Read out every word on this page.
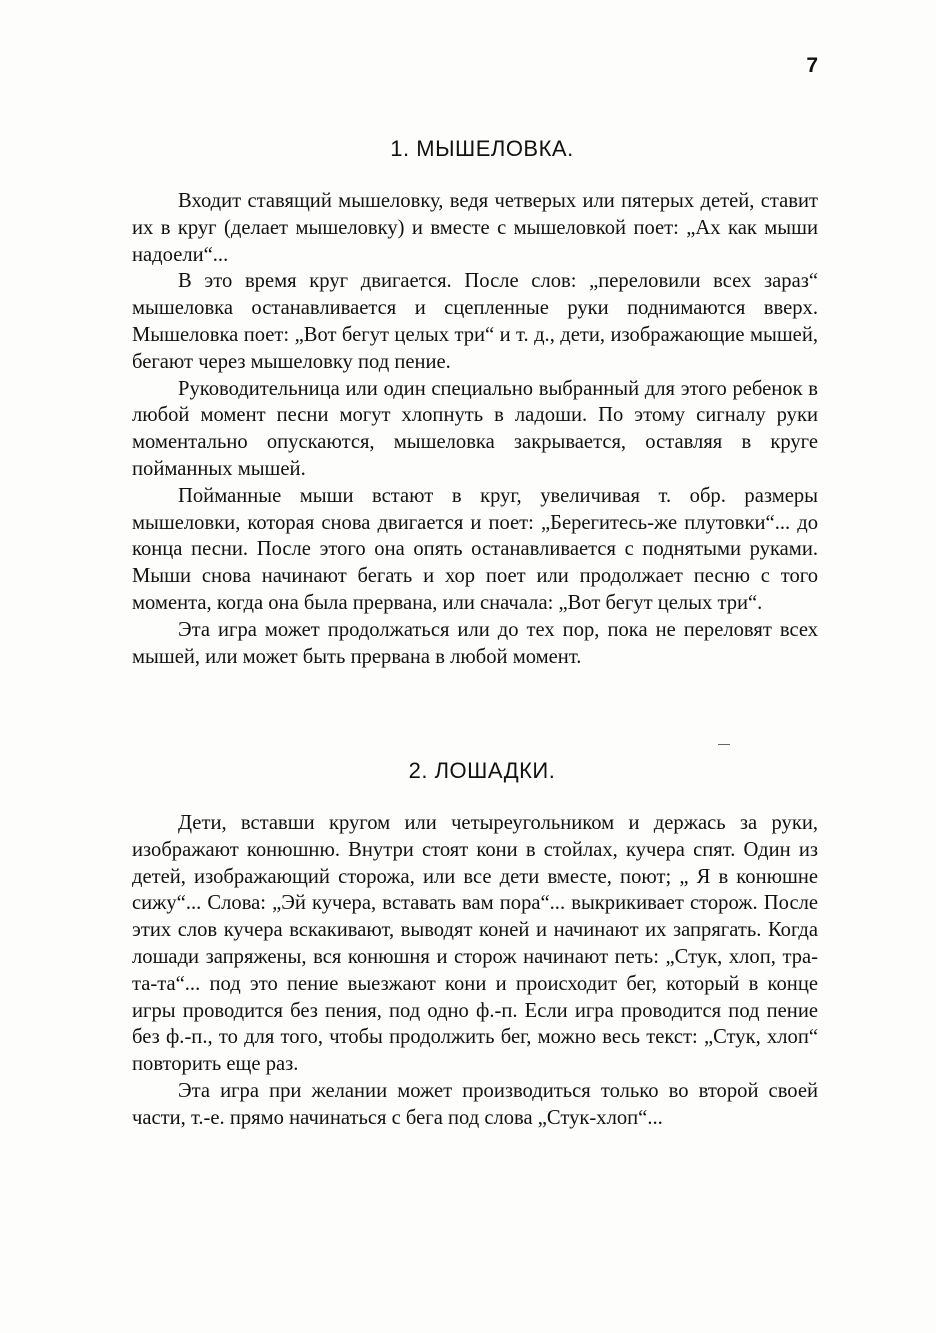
7
1. МЫШЕЛОВКА.

Входит ставящий мышеловку, ведя четверых или пятерых детей, ставит их в круг (делает мышеловку) и вместе с мышеловкой поет: „Ах как мыши надоели“...

В это время круг двигается. После слов: „переловили всех зараз“ мышеловка останавливается и сцепленные руки поднимаются вверх. Мышеловка поет: „Вот бегут целых три“ и т. д., дети, изображающие мышей, бегают через мышеловку под пение.

Руководительница или один специально выбранный для этого ребенок в любой момент песни могут хлопнуть в ладоши. По этому сигналу руки моментально опускаются, мышеловка закрывается, оставляя в круге пойманных мышей.

Пойманные мыши встают в круг, увеличивая т. обр. размеры мышеловки, которая снова двигается и поет: „Берегитесь-же плутовки“... до конца песни. После этого она опять останавливается с поднятыми руками. Мыши снова начинают бегать и хор поет или продолжает песню с того момента, когда она была прервана, или сначала: „Вот бегут целых три“.

Эта игра может продолжаться или до тех пор, пока не переловят всех мышей, или может быть прервана в любой момент.

2. ЛОШАДКИ.

Дети, вставши кругом или четыреугольником и держась за руки, изображают конюшню. Внутри стоят кони в стойлах, кучера спят. Один из детей, изображающий сторожа, или все дети вместе, поют; „ Я в конюшне сижу“... Слова: „Эй кучера, вставать вам пора“... выкрикивает сторож. После этих слов кучера вскакивают, выводят коней и начинают их запрягать. Когда лошади запряжены, вся конюшня и сторож начинают петь: „Стук, хлоп, тра-та-та“... под это пение выезжают кони и происходит бег, который в конце игры проводится без пения, под одно ф.-п. Если игра проводится под пение без ф.-п., то для того, чтобы продолжить бег, можно весь текст: „Стук, хлоп“ повторить еще раз.

Эта игра при желании может производиться только во второй своей части, т.-е. прямо начинаться с бега под слова „Стук-хлоп“...
